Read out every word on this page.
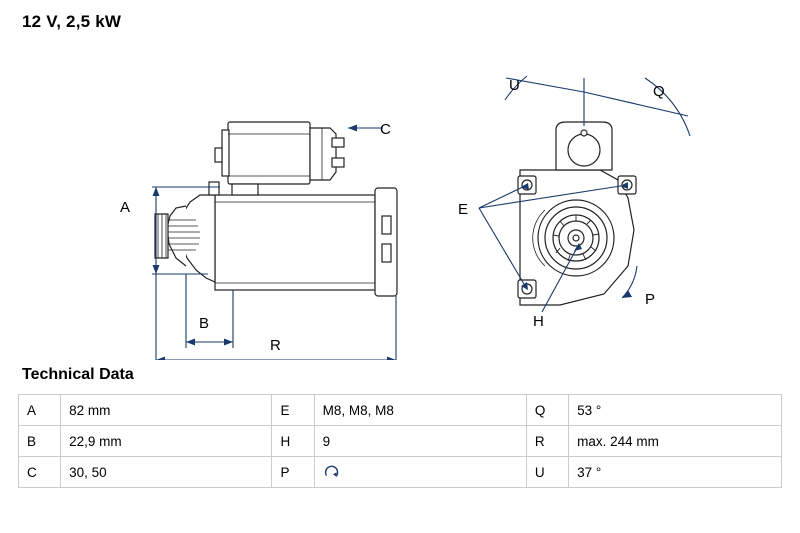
12 V, 2,5 kW
A
B
R
C
U	Q
E
H
P
Technical Data
A	82 mm	E	M8, M8, M8	Q	53 °
B	22,9 mm	H	9	R	max. 244 mm
C	30, 50	P		U	37 °
